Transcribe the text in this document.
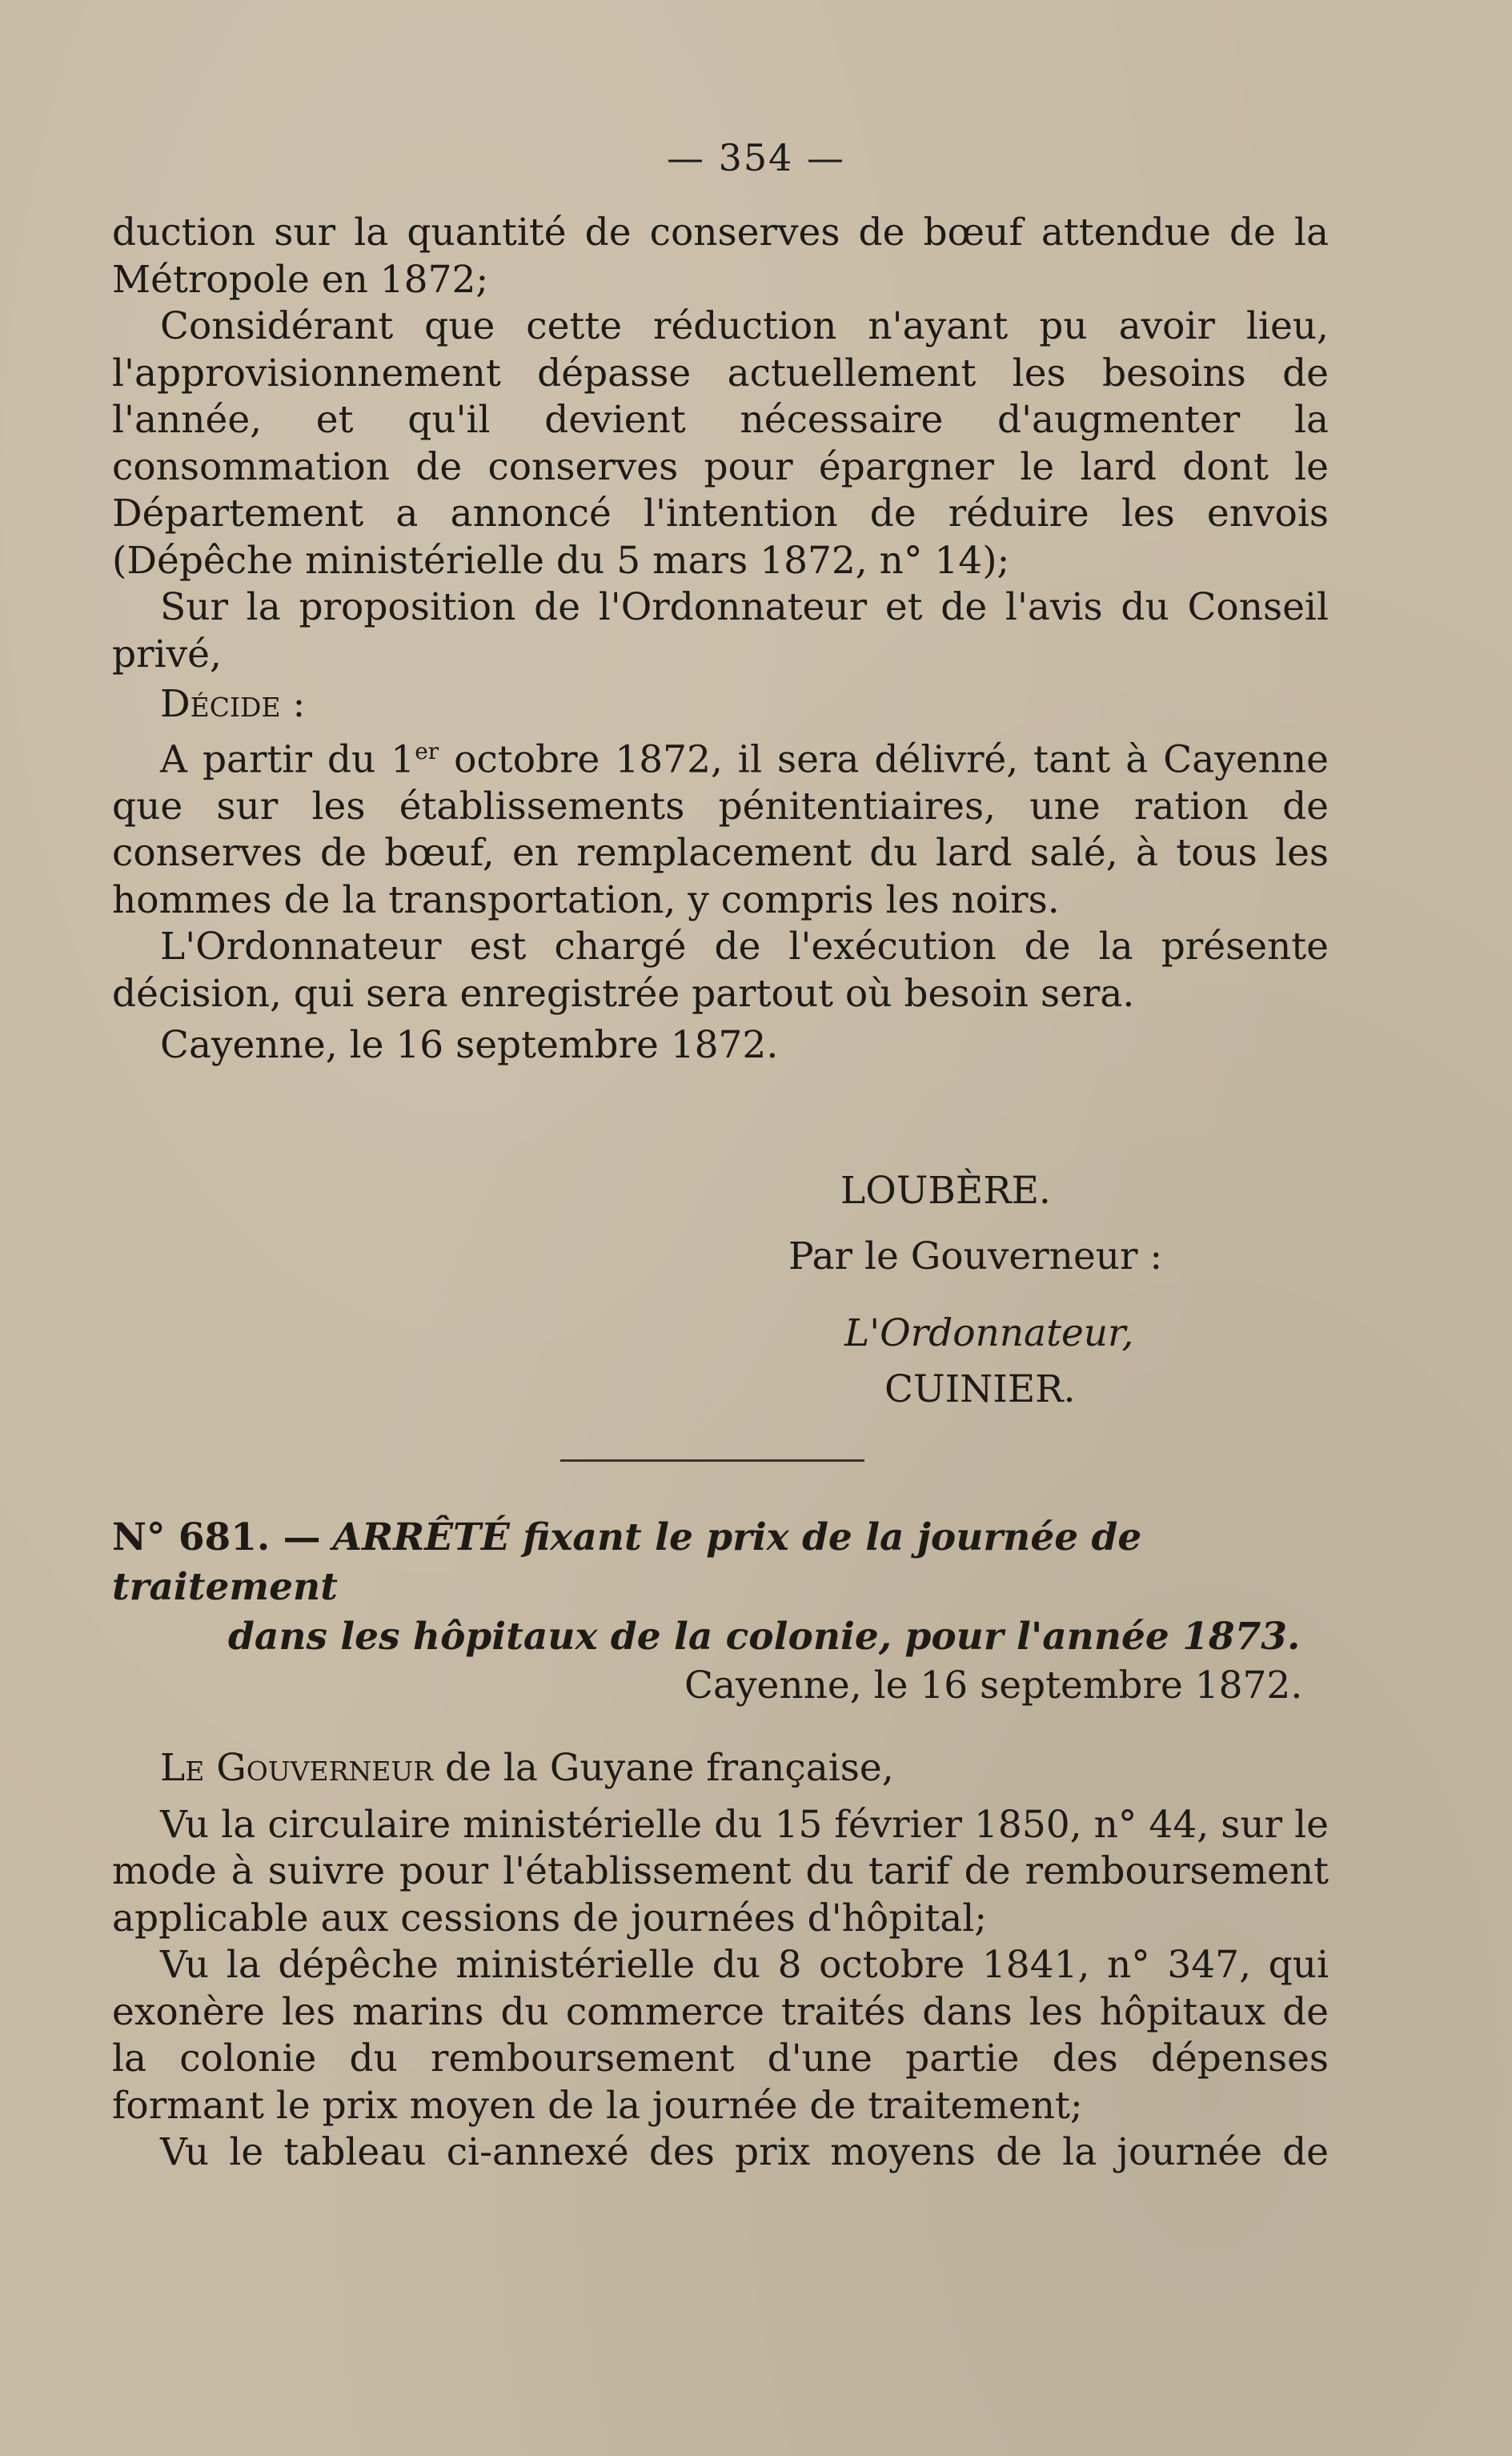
— 354 —

duction sur la quantité de conserves de bœuf attendue de la Métropole en 1872;

Considérant que cette réduction n'ayant pu avoir lieu, l'approvisionnement dépasse actuellement les besoins de l'année, et qu'il devient nécessaire d'augmenter la consommation de conserves pour épargner le lard dont le Département a annoncé l'intention de réduire les envois (Dépêche ministérielle du 5 mars 1872, n° 14);

Sur la proposition de l'Ordonnateur et de l'avis du Conseil privé,

Décide :

A partir du 1er octobre 1872, il sera délivré, tant à Cayenne que sur les établissements pénitentiaires, une ration de conserves de bœuf, en remplacement du lard salé, à tous les hommes de la transportation, y compris les noirs.

L'Ordonnateur est chargé de l'exécution de la présente décision, qui sera enregistrée partout où besoin sera.

Cayenne, le 16 septembre 1872.

LOUBÈRE.
Par le Gouverneur :
L'Ordonnateur,
CUINIER.
N° 681. — ARRÊTÉ fixant le prix de la journée de traitement
dans les hôpitaux de la colonie, pour l'année 1873.
Cayenne, le 16 septembre 1872.

Le Gouverneur de la Guyane française,

Vu la circulaire ministérielle du 15 février 1850, n° 44, sur le mode à suivre pour l'établissement du tarif de remboursement applicable aux cessions de journées d'hôpital;

Vu la dépêche ministérielle du 8 octobre 1841, n° 347, qui exonère les marins du commerce traités dans les hôpitaux de la colonie du remboursement d'une partie des dépenses formant le prix moyen de la journée de traitement;

Vu le tableau ci-annexé des prix moyens de la journée de
